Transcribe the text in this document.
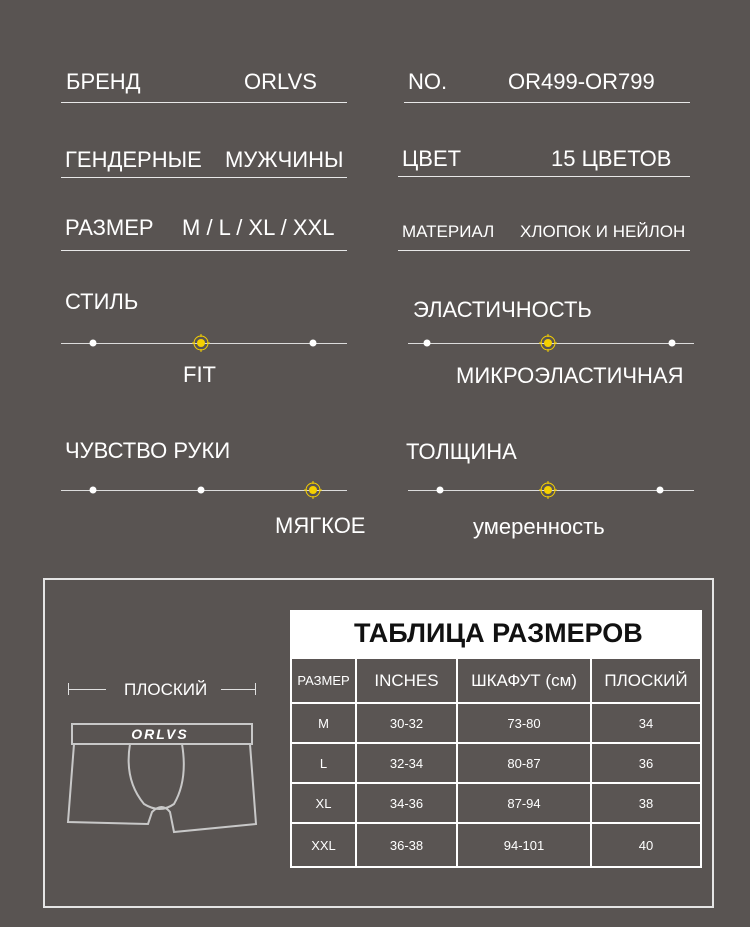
БРЕНД	ORLVS	NO.	OR499-OR799
ГЕНДЕРНЫЕ МУЖЧИНЫ	ЦВЕТ	15 ЦВЕТОВ
РАЗМЕР M / L / XL / XXL	МАТЕРИАЛ ХЛОПОК И НЕЙЛОН
СТИЛЬ
FIT
ЭЛАСТИЧНОСТЬ
МИКРОЭЛАСТИЧНАЯ
ЧУВСТВО РУКИ
МЯГКОЕ
ТОЛЩИНА
умеренность
ПЛОСКИЙ
ORLVS
ТАБЛИЦА РАЗМЕРОВ
РАЗМЕР	INCHES	ШКАФУТ (см)	ПЛОСКИЙ
M	30-32	73-80	34
L	32-34	80-87	36
XL	34-36	87-94	38
XXL	36-38	94-101	40
